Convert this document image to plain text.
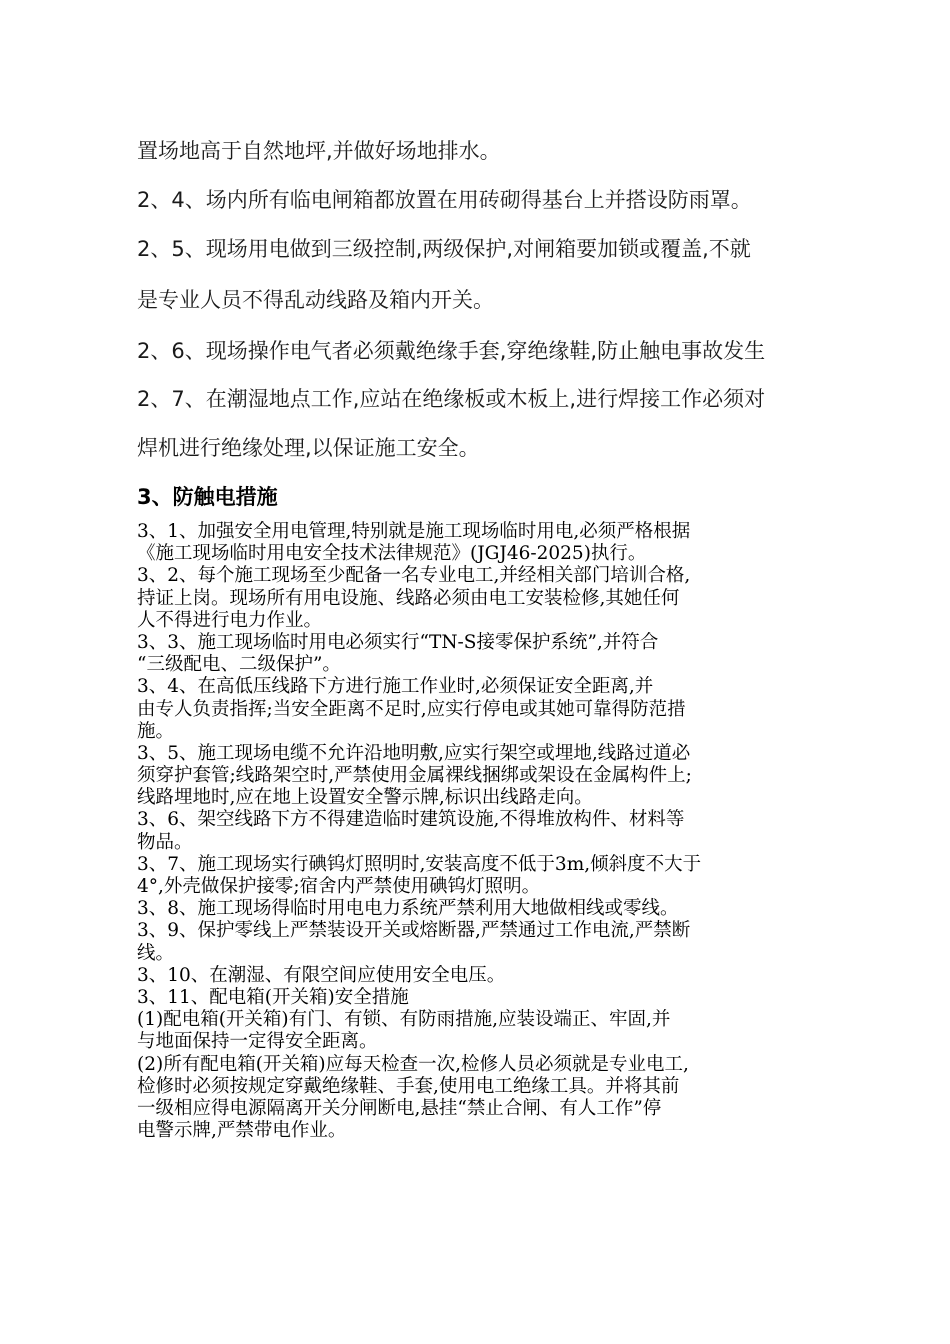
置场地高于自然地坪,并做好场地排水。
2、4、场内所有临电闸箱都放置在用砖砌得基台上并搭设防雨罩。
2、5、现场用电做到三级控制,两级保护,对闸箱要加锁或覆盖,不就
是专业人员不得乱动线路及箱内开关。
2、6、现场操作电气者必须戴绝缘手套,穿绝缘鞋,防止触电事故发生
2、7、在潮湿地点工作,应站在绝缘板或木板上,进行焊接工作必须对
焊机进行绝缘处理,以保证施工安全。
3、防触电措施
3、1、加强安全用电管理,特别就是施工现场临时用电,必须严格根据
《施工现场临时用电安全技术法律规范》(JGJ46-2025)执行。
3、2、每个施工现场至少配备一名专业电工,并经相关部门培训合格,
持证上岗。现场所有用电设施、线路必须由电工安装检修,其她任何
人不得进行电力作业。
3、3、施工现场临时用电必须实行“TN-S接零保护系统”,并符合
“三级配电、二级保护”。
3、4、在高低压线路下方进行施工作业时,必须保证安全距离,并
由专人负责指挥;当安全距离不足时,应实行停电或其她可靠得防范措
施。
3、5、施工现场电缆不允许沿地明敷,应实行架空或埋地,线路过道必
须穿护套管;线路架空时,严禁使用金属裸线捆绑或架设在金属构件上;
线路埋地时,应在地上设置安全警示牌,标识出线路走向。
3、6、架空线路下方不得建造临时建筑设施,不得堆放构件、材料等
物品。
3、7、施工现场实行碘钨灯照明时,安装高度不低于3m,倾斜度不大于
4°,外壳做保护接零;宿舍内严禁使用碘钨灯照明。
3、8、施工现场得临时用电电力系统严禁利用大地做相线或零线。
3、9、保护零线上严禁装设开关或熔断器,严禁通过工作电流,严禁断
线。
3、10、在潮湿、有限空间应使用安全电压。
3、11、配电箱(开关箱)安全措施
(1)配电箱(开关箱)有门、有锁、有防雨措施,应装设端正、牢固,并
与地面保持一定得安全距离。
(2)所有配电箱(开关箱)应每天检查一次,检修人员必须就是专业电工,
检修时必须按规定穿戴绝缘鞋、手套,使用电工绝缘工具。并将其前
一级相应得电源隔离开关分闸断电,悬挂“禁止合闸、有人工作”停
电警示牌,严禁带电作业。
